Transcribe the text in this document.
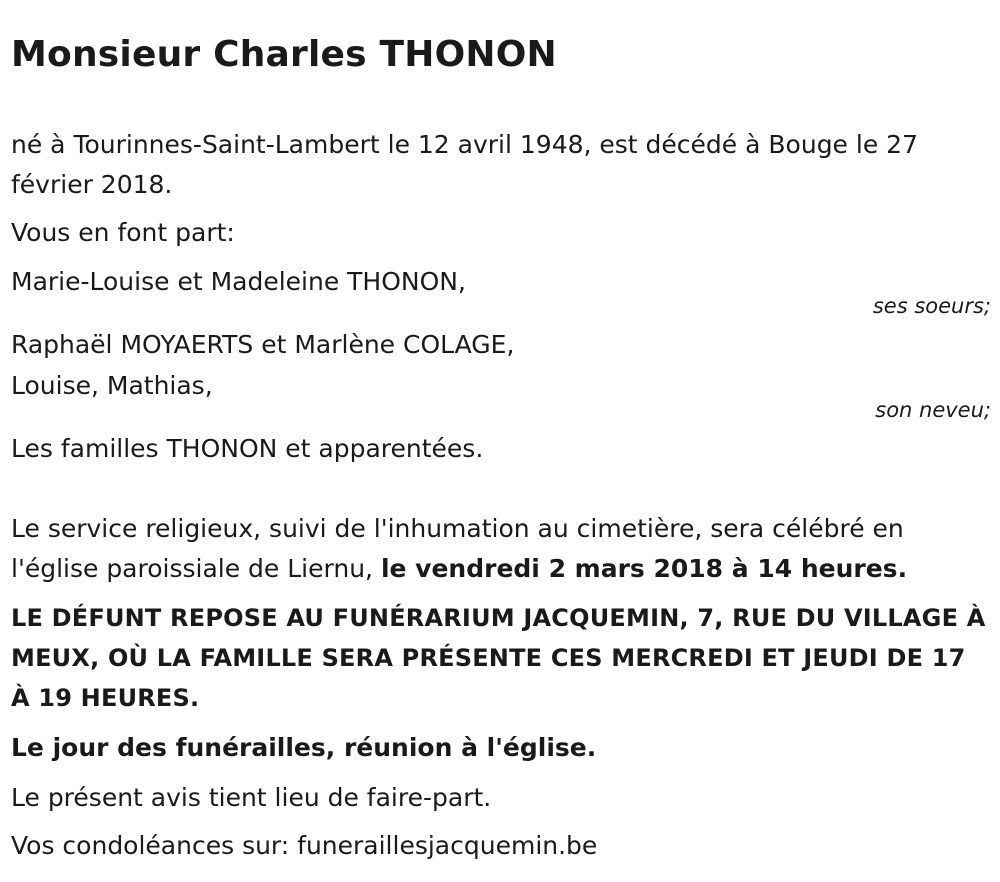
Monsieur Charles THONON

né à Tourinnes-Saint-Lambert le 12 avril 1948, est décédé à Bouge le 27 février 2018.

Vous en font part:

Marie-Louise et Madeleine THONON,

ses soeurs;

Raphaël MOYAERTS et Marlène COLAGE,

Louise, Mathias,

son neveu;

Les familles THONON et apparentées.

Le service religieux, suivi de l'inhumation au cimetière, sera célébré en l'église paroissiale de Liernu, le vendredi 2 mars 2018 à 14 heures.

LE DÉFUNT REPOSE AU FUNÉRARIUM JACQUEMIN, 7, RUE DU VILLAGE À MEUX, OÙ LA FAMILLE SERA PRÉSENTE CES MERCREDI ET JEUDI DE 17 À 19 HEURES.

Le jour des funérailles, réunion à l'église.

Le présent avis tient lieu de faire-part.

Vos condoléances sur: funeraillesjacquemin.be
